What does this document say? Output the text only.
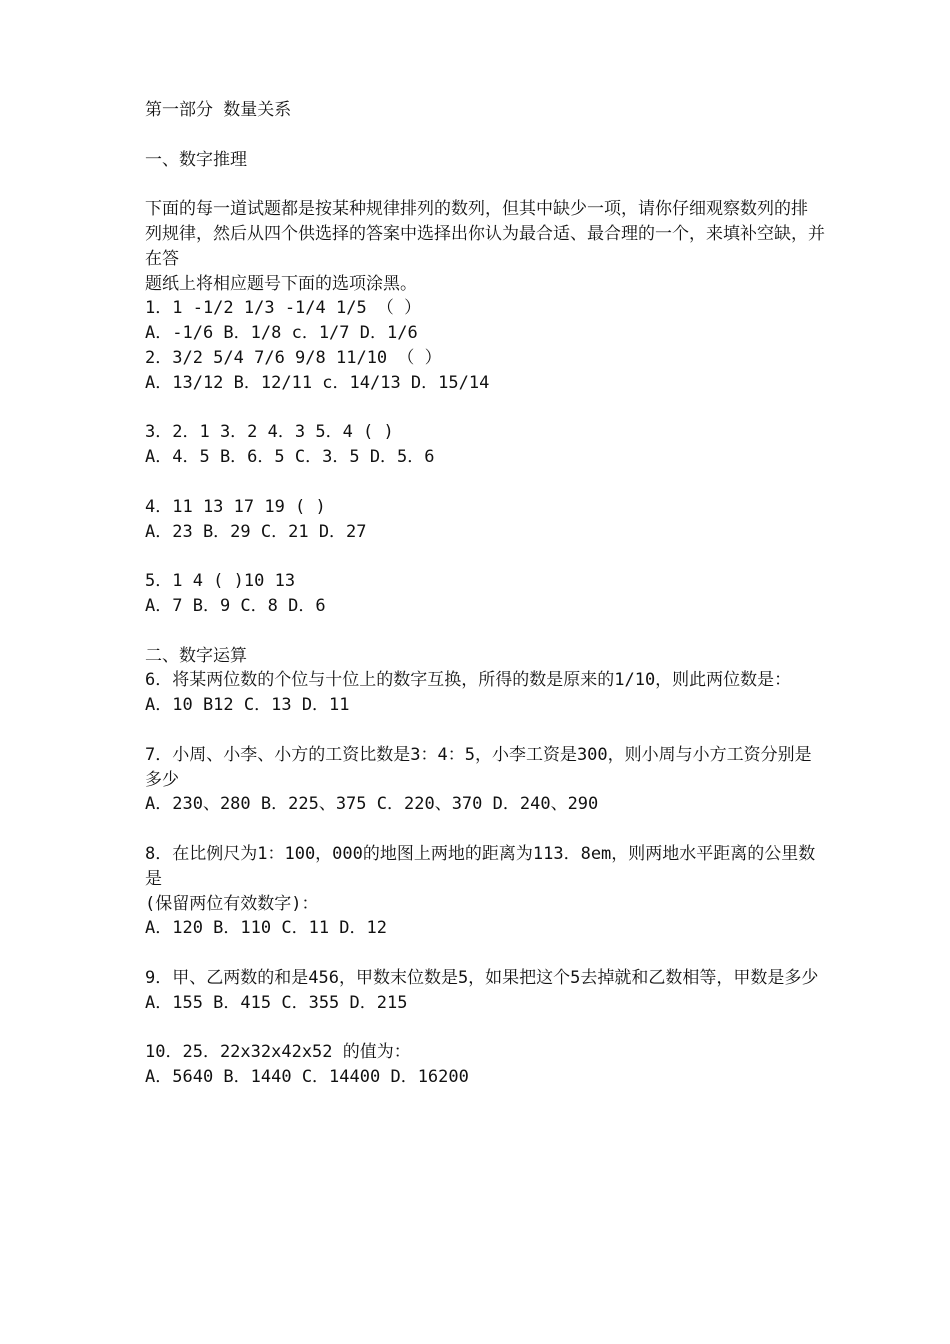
第一部分 数量关系
一、数字推理
下面的每一道试题都是按某种规律排列的数列，但其中缺少一项，请你仔细观察数列的排
列规律，然后从四个供选择的答案中选择出你认为最合适、最合理的一个，来填补空缺，并在答
题纸上将相应题号下面的选项涂黑。
1．1 -1/2 1/3 -1/4 1/5 （ ）
A．-1/6 B．1/8 c．1/7 D．1/6
2．3/2 5/4 7/6 9/8 11/10 （ ）
A．13/12 B．12/11 c．14/13 D．15/14
3．2．1 3．2 4．3 5．4 ( )
A．4．5 B．6．5 C．3．5 D．5．6
4．11 13 17 19 ( )
A．23 B．29 C．21 D．27
5．1 4 ( )10 13
A．7 B．9 C．8 D．6
二、数字运算
6．将某两位数的个位与十位上的数字互换，所得的数是原来的1/10，则此两位数是：
A．10 B12 C．13 D．11
7．小周、小李、小方的工资比数是3：4：5，小李工资是300，则小周与小方工资分别是多少
A．230、280 B．225、375 C．220、370 D．240、290
8．在比例尺为1：100，000的地图上两地的距离为113．8em，则两地水平距离的公里数是
(保留两位有效数字)：
A．120 B．110 C．11 D．12
9．甲、乙两数的和是456，甲数末位数是5，如果把这个5去掉就和乙数相等，甲数是多少
A．155 B．415 C．355 D．215
10．25．22x32x42x52 的值为：
A．5640 B．1440 C．14400 D．16200
